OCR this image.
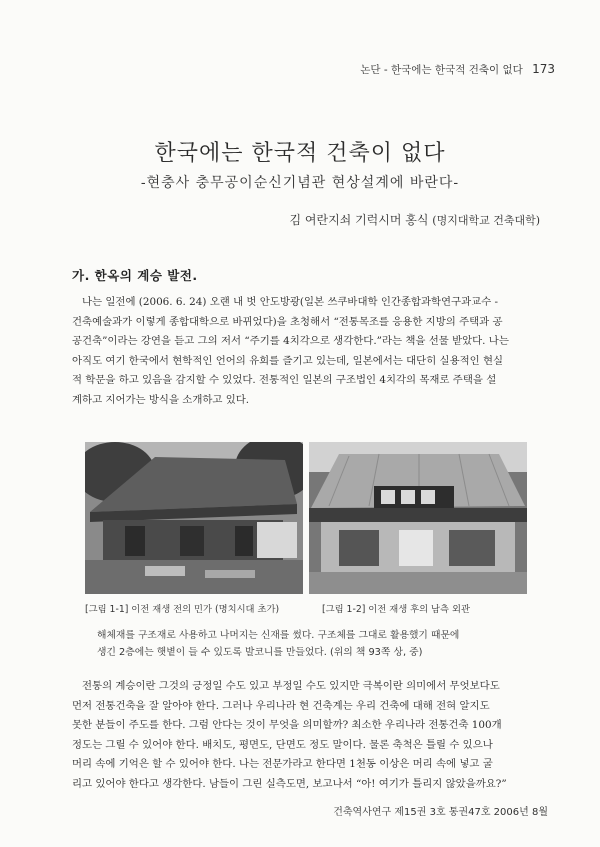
논단 - 한국에는 한국적 건축이 없다 173
한국에는 한국적 건축이 없다
-현충사 충무공이순신기념관 현상설계에 바란다-
김 여란지쇠 기럭시머 홍식 (명지대학교 건축대학)
가. 한옥의 계승 발전.
나는 일전에 (2006. 6. 24) 오랜 내 벗 안도방광(일본 쓰쿠바대학 인간종합과학연구과교수 -
건축예술과가 이렇게 종합대학으로 바뀌었다)을 초청해서 “전통목조를 응용한 지방의 주택과 공
공건축”이라는 강연을 듣고 그의 저서 “주기를 4치각으로 생각한다.”라는 책을 선물 받았다. 나는
아직도 여기 한국에서 현학적인 언어의 유희를 즐기고 있는데, 일본에서는 대단히 실용적인 현실
적 학문을 하고 있음을 감지할 수 있었다. 전통적인 일본의 구조법인 4치각의 목재로 주택을 설
계하고 지어가는 방식을 소개하고 있다.
[그림 1-1] 이전 재생 전의 민가 (명치시대 초가)	[그림 1-2] 이전 재생 후의 남측 외관
해체재를 구조재로 사용하고 나머지는 신재를 썼다. 구조체를 그대로 활용했기 때문에
생긴 2층에는 햇볕이 들 수 있도록 발코니를 만들었다. (위의 책 93쪽 상, 중)
전통의 계승이란 그것의 긍정일 수도 있고 부정일 수도 있지만 극복이란 의미에서 무엇보다도
먼저 전통건축을 잘 알아야 한다. 그러나 우리나라 현 건축계는 우리 건축에 대해 전혀 알지도
못한 분들이 주도를 한다. 그럼 안다는 것이 무엇을 의미할까? 최소한 우리나라 전통건축 100개
정도는 그릴 수 있어야 한다. 배치도, 평면도, 단면도 정도 말이다. 물론 축척은 틀릴 수 있으나
머리 속에 기억은 할 수 있어야 한다. 나는 전문가라고 한다면 1천동 이상은 머리 속에 넣고 굴
리고 있어야 한다고 생각한다. 남들이 그린 실측도면, 보고나서 “아! 여기가 틀리지 않았을까요?”
건축역사연구 제15권 3호 통권47호 2006년 8월
